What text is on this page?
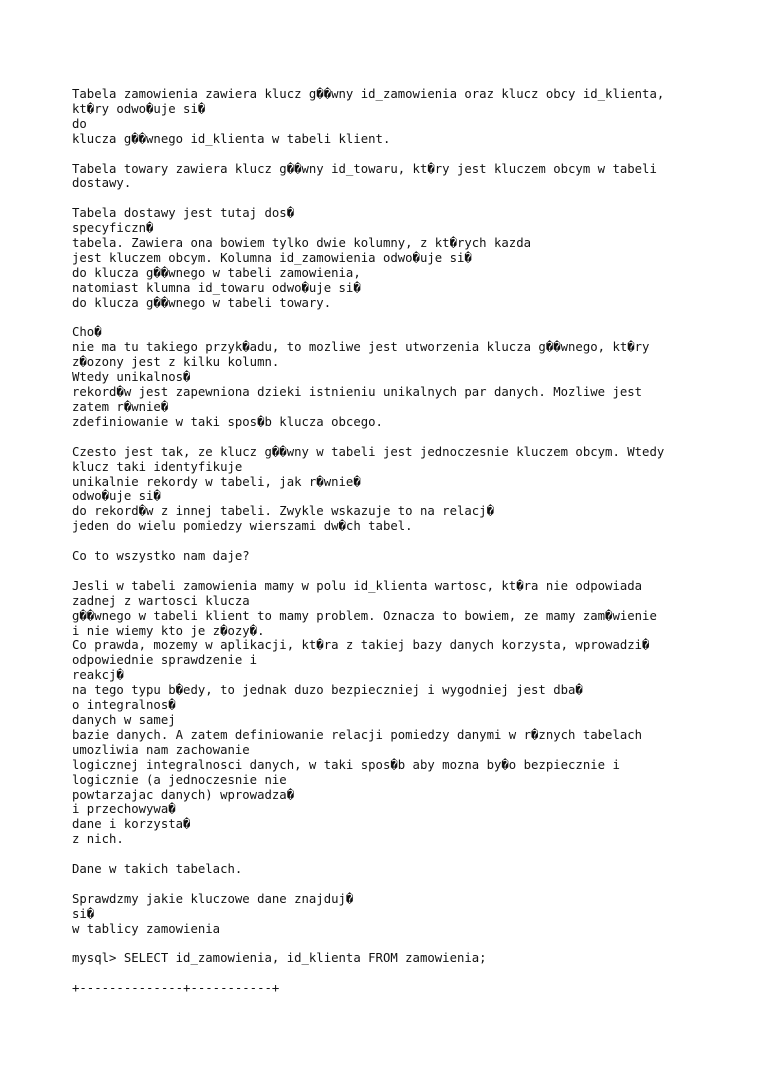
Tabela zamowienia zawiera klucz g��wny id_zamowienia oraz klucz obcy id_klienta,
kt�ry odwo�uje si�
do
klucza g��wnego id_klienta w tabeli klient.
Tabela towary zawiera klucz g��wny id_towaru, kt�ry jest kluczem obcym w tabeli
dostawy.
Tabela dostawy jest tutaj dos�
specyficzn�
tabela. Zawiera ona bowiem tylko dwie kolumny, z kt�rych kazda
jest kluczem obcym. Kolumna id_zamowienia odwo�uje si�
do klucza g��wnego w tabeli zamowienia,
natomiast klumna id_towaru odwo�uje si�
do klucza g��wnego w tabeli towary.
Cho�
nie ma tu takiego przyk�adu, to mozliwe jest utworzenia klucza g��wnego, kt�ry
z�ozony jest z kilku kolumn.
Wtedy unikalnos�
rekord�w jest zapewniona dzieki istnieniu unikalnych par danych. Mozliwe jest
zatem r�wnie�
zdefiniowanie w taki spos�b klucza obcego.
Czesto jest tak, ze klucz g��wny w tabeli jest jednoczesnie kluczem obcym. Wtedy
klucz taki identyfikuje
unikalnie rekordy w tabeli, jak r�wnie�
odwo�uje si�
do rekord�w z innej tabeli. Zwykle wskazuje to na relacj�
jeden do wielu pomiedzy wierszami dw�ch tabel.
Co to wszystko nam daje?
Jesli w tabeli zamowienia mamy w polu id_klienta wartosc, kt�ra nie odpowiada
zadnej z wartosci klucza
g��wnego w tabeli klient to mamy problem. Oznacza to bowiem, ze mamy zam�wienie
i nie wiemy kto je z�ozy�.
Co prawda, mozemy w aplikacji, kt�ra z takiej bazy danych korzysta, wprowadzi�
odpowiednie sprawdzenie i
reakcj�
na tego typu b�edy, to jednak duzo bezpieczniej i wygodniej jest dba�
o integralnos�
danych w samej
bazie danych. A zatem definiowanie relacji pomiedzy danymi w r�znych tabelach
umozliwia nam zachowanie
logicznej integralnosci danych, w taki spos�b aby mozna by�o bezpiecznie i
logicznie (a jednoczesnie nie
powtarzajac danych) wprowadza�
i przechowywa�
dane i korzysta�
z nich.
Dane w takich tabelach.
Sprawdzmy jakie kluczowe dane znajduj�
si�
w tablicy zamowienia
mysql> SELECT id_zamowienia, id_klienta FROM zamowienia;
+--------------+-----------+
